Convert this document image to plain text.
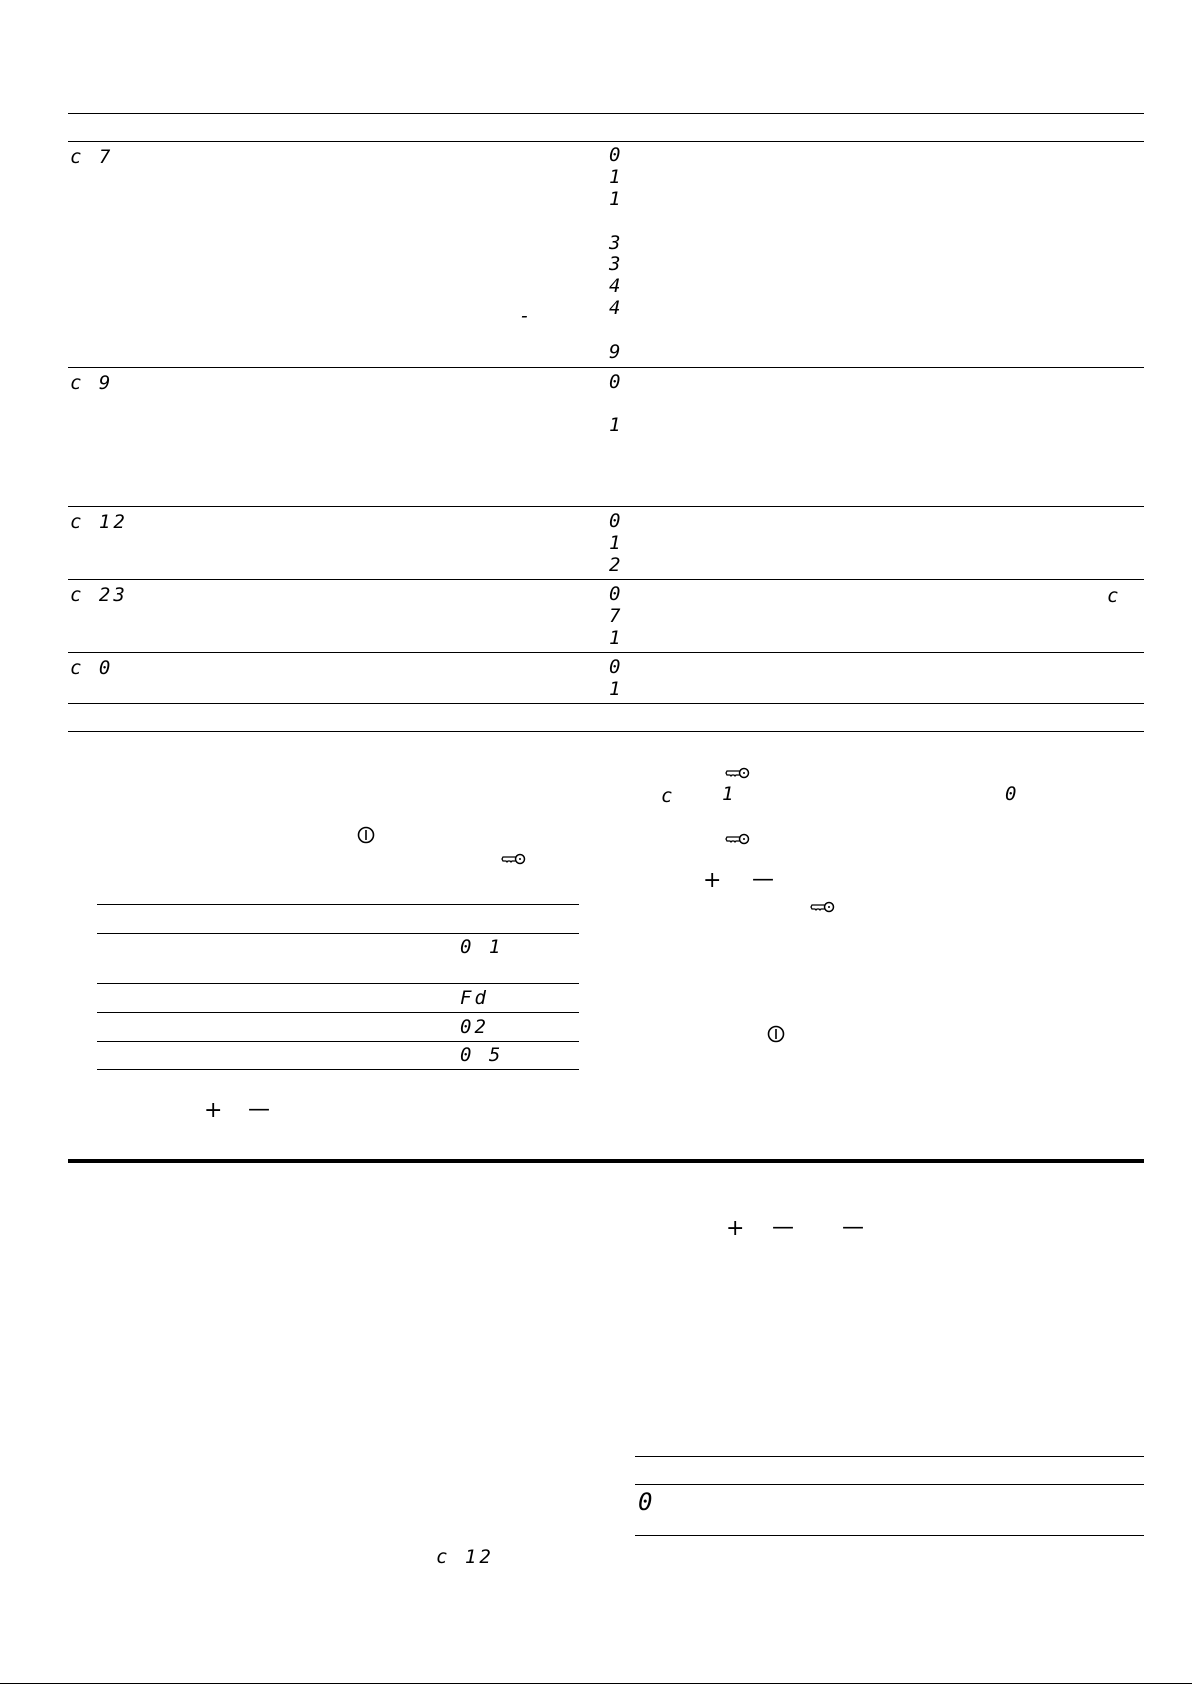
c 7	0
1
1
3
3
4
4
-
9
c 9	0
1
c 12	0
1
2
c 23	0	c
7
1
c 0	0
1
0 1
Fd
02
0 5
+ —
c 1	0
+ —
+ — —
0
c 12
